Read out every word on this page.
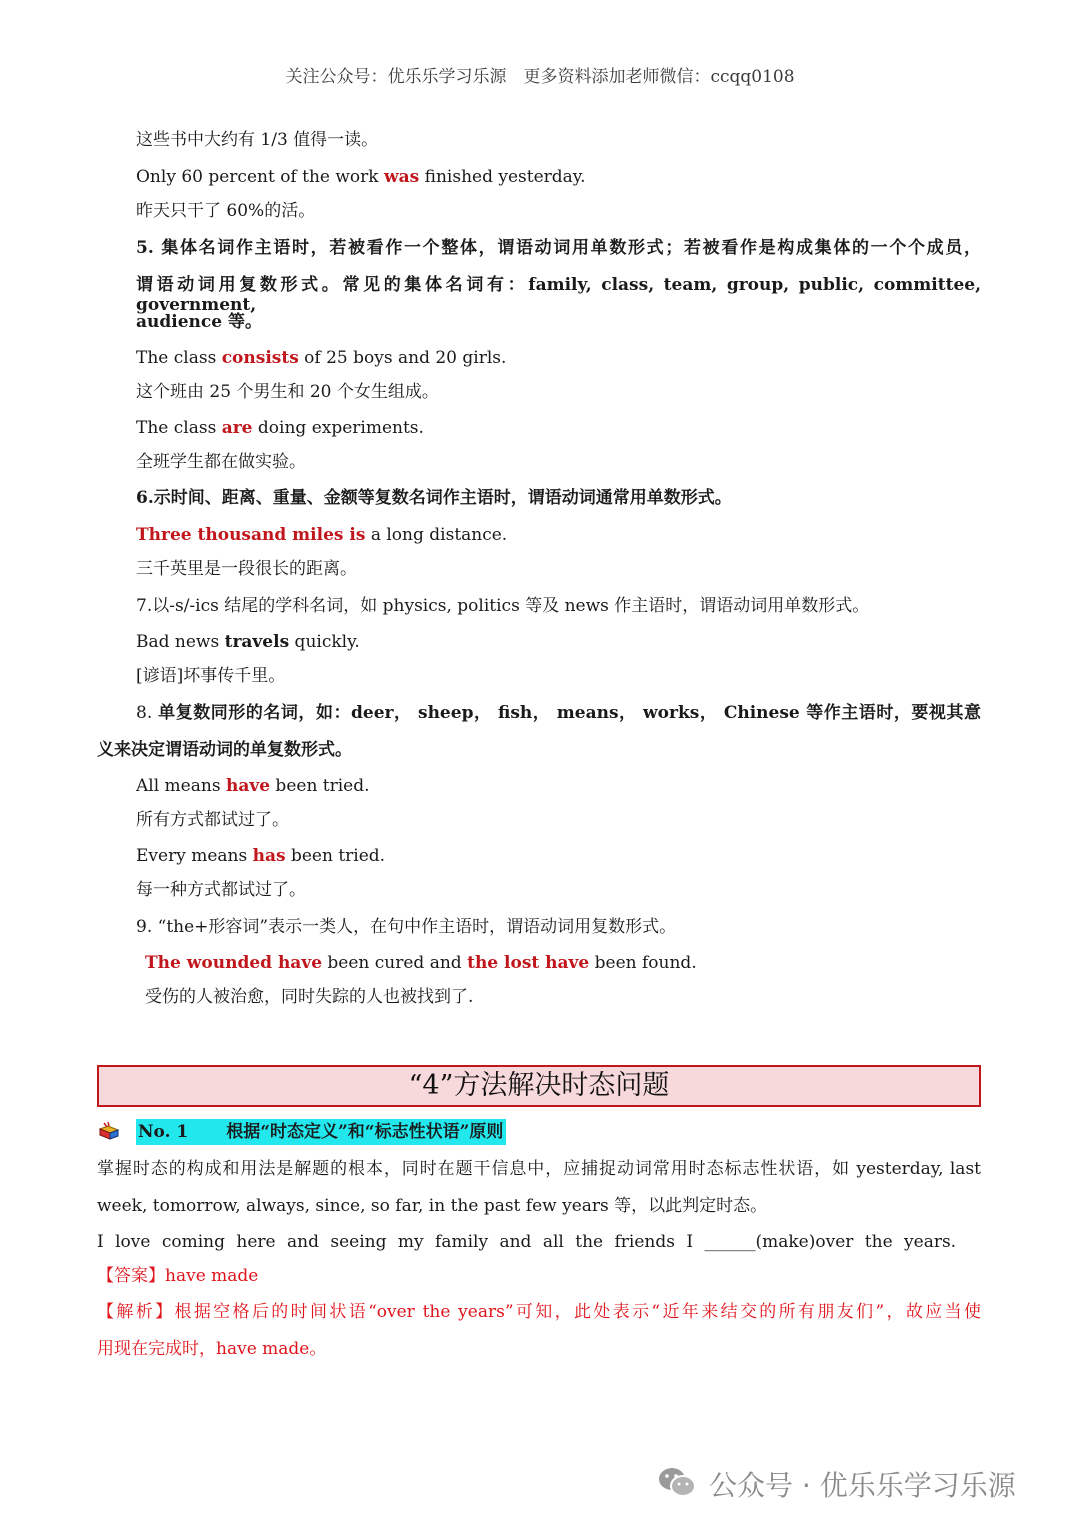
关注公众号：优乐乐学习乐源　更多资料添加老师微信：ccqq0108
这些书中大约有 1/3 值得一读。
Only 60 percent of the work was finished yesterday.
昨天只干了 60%的活。
5. 集体名词作主语时，若被看作一个整体，谓语动词用单数形式；若被看作是构成集体的一个个成员，
谓语动词用复数形式。常见的集体名词有：family, class, team, group, public, committee, government,
audience 等。
The class consists of 25 boys and 20 girls.
这个班由 25 个男生和 20 个女生组成。
The class are doing experiments.
全班学生都在做实验。
6.示时间、距离、重量、金额等复数名词作主语时，谓语动词通常用单数形式。
Three thousand miles is a long distance.
三千英里是一段很长的距离。
7.以-s/-ics 结尾的学科名词，如 physics, politics 等及 news 作主语时，谓语动词用单数形式。
Bad news travels quickly.
[谚语]坏事传千里。
8. 单复数同形的名词，如：deer， sheep， fish， means， works， Chinese 等作主语时，要视其意
义来决定谓语动词的单复数形式。
All means have been tried.
所有方式都试过了。
Every means has been tried.
每一种方式都试过了。
9. “the+形容词”表示一类人，在句中作主语时，谓语动词用复数形式。
The wounded have been cured and the lost have been found.
受伤的人被治愈，同时失踪的人也被找到了.
“4”方法解决时态问题
No. 1 根据“时态定义”和“标志性状语”原则
掌握时态的构成和用法是解题的根本，同时在题干信息中，应捕捉动词常用时态标志性状语，如 yesterday, last
week, tomorrow, always, since, so far, in the past few years 等，以此判定时态。
I love coming here and seeing my family and all the friends I ______(make)over the years.
【答案】have made
【解析】根据空格后的时间状语“over the years”可知，此处表示“近年来结交的所有朋友们”，故应当使
用现在完成时，have made。
公众号 · 优乐乐学习乐源
